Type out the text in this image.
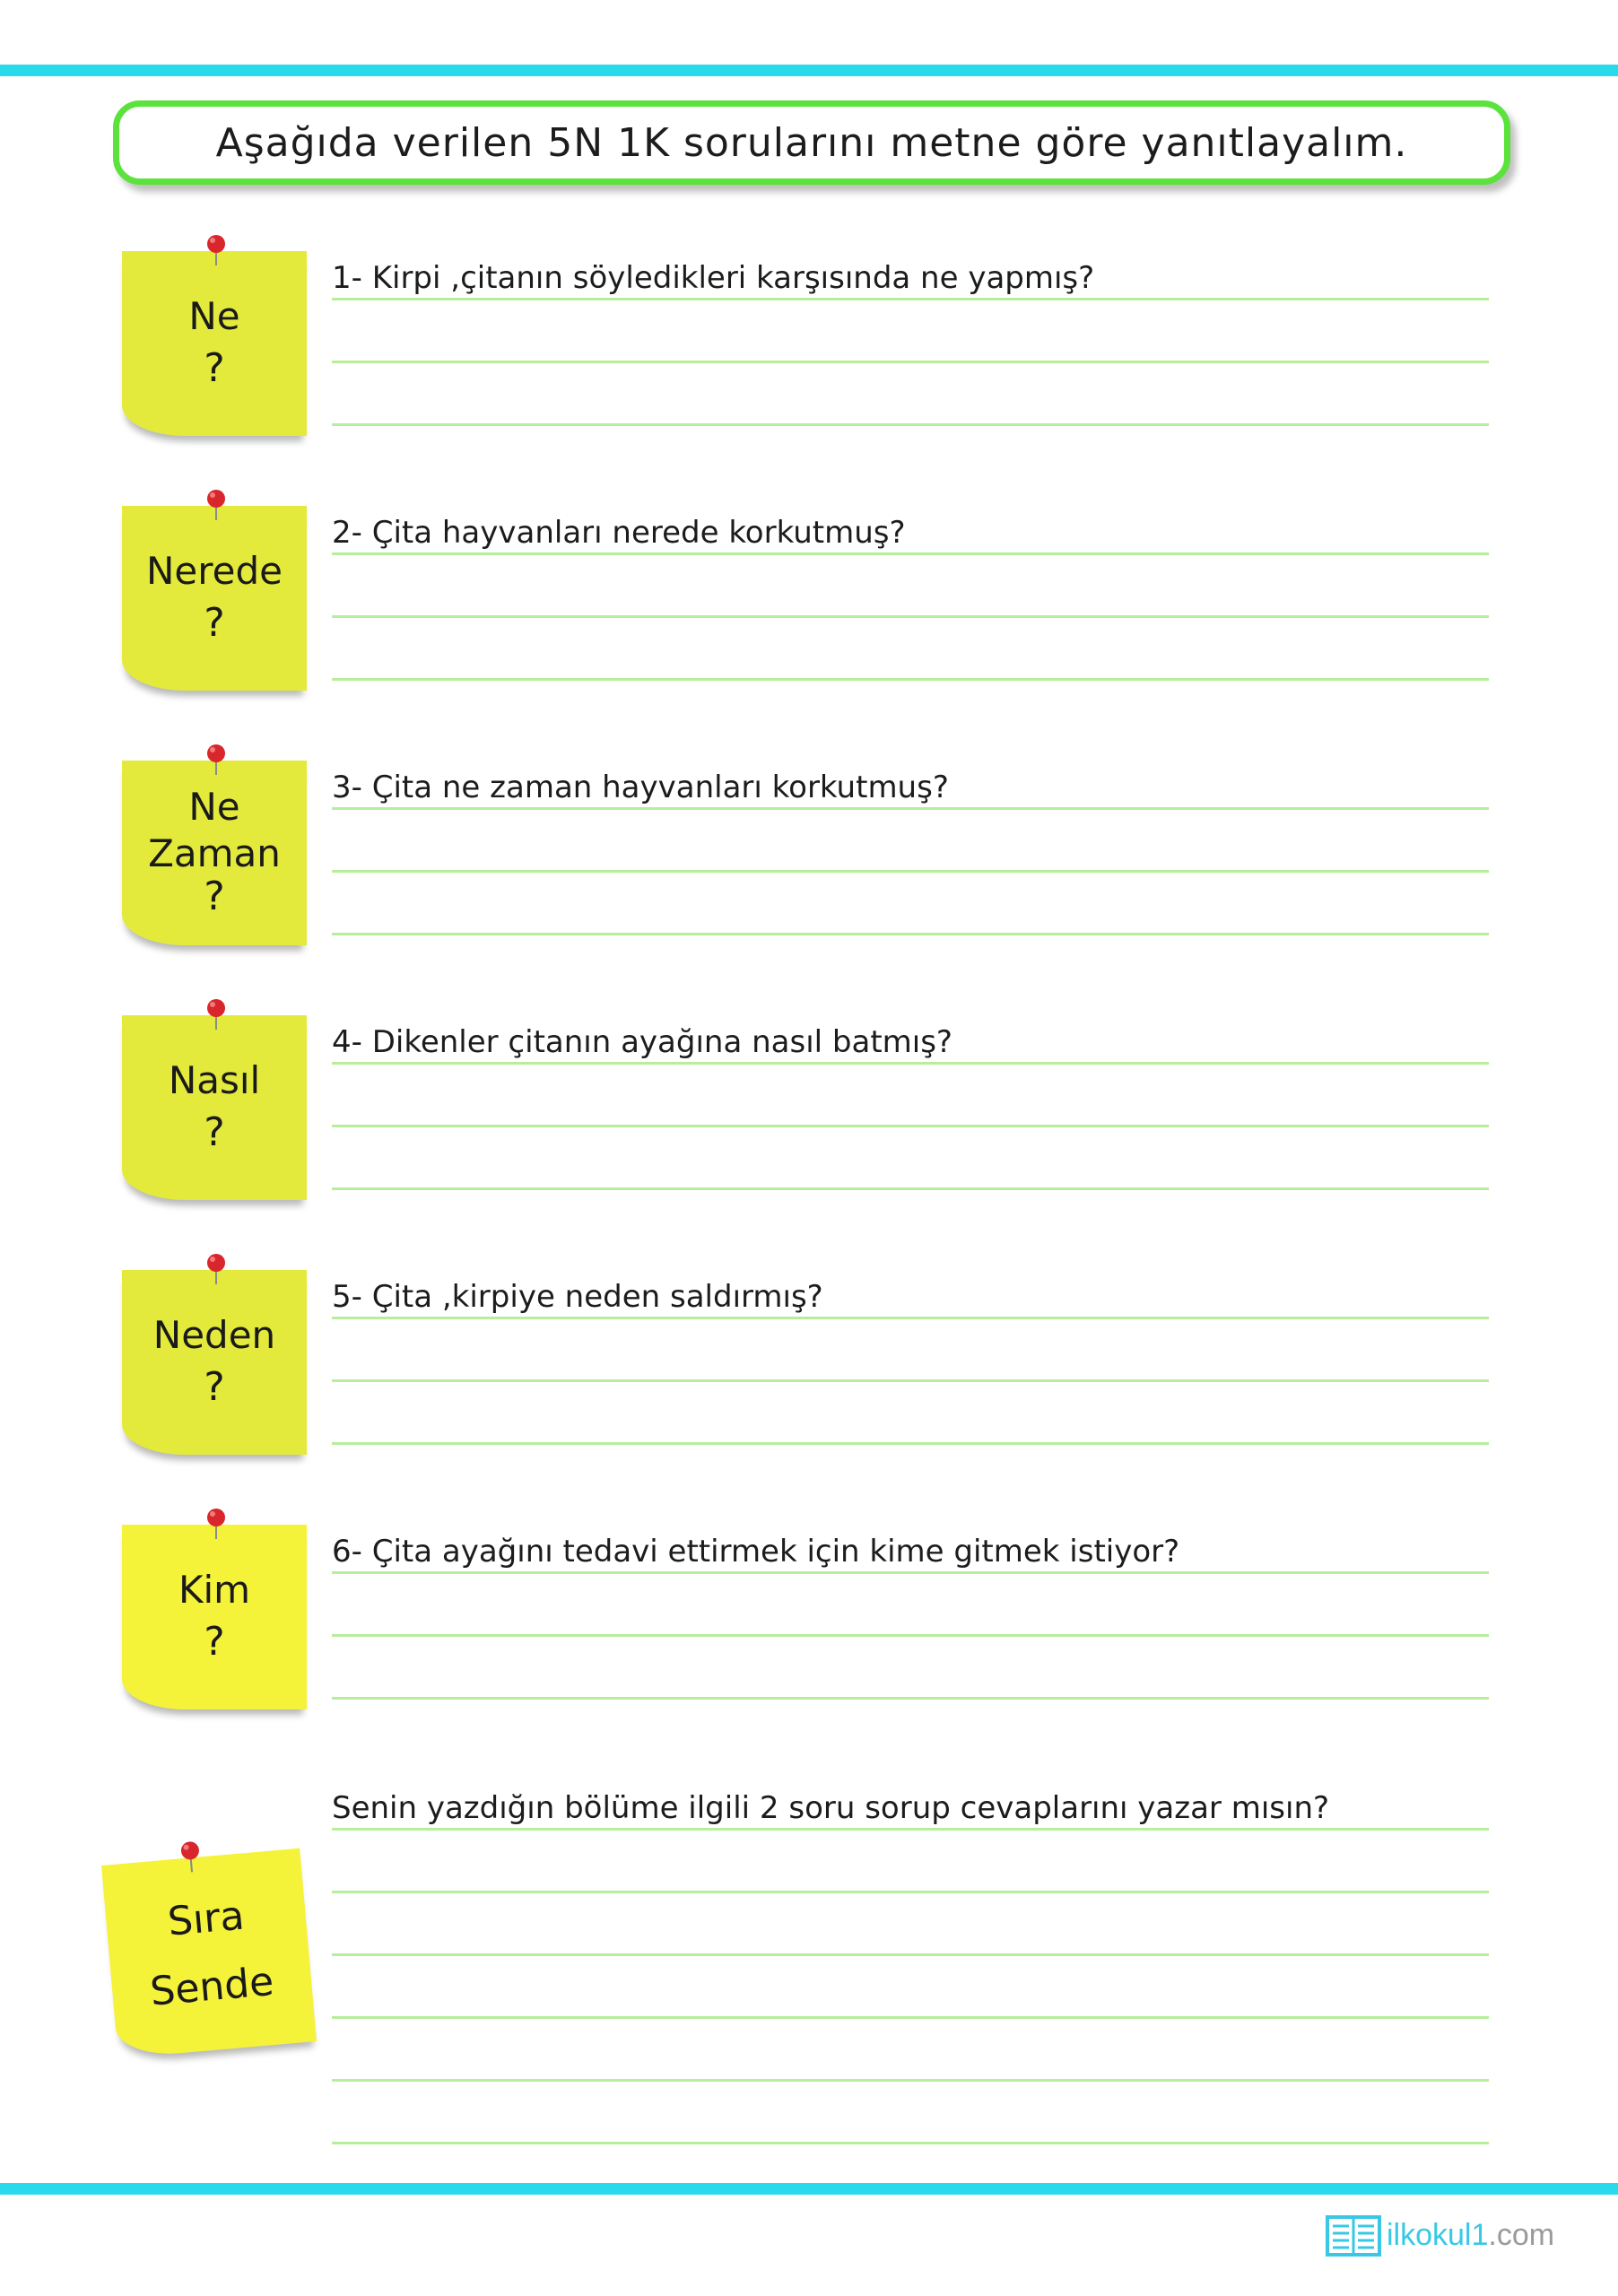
Aşağıda verilen 5N 1K sorularını metne göre yanıtlayalım.
Ne
?
1- Kirpi ,çitanın söyledikleri karşısında ne yapmış?
Nerede
?
2- Çita hayvanları nerede korkutmuş?
Ne Zaman
?
3- Çita ne zaman hayvanları korkutmuş?
Nasıl
?
4- Dikenler çitanın ayağına nasıl batmış?
Neden
?
5- Çita ,kirpiye neden saldırmış?
Kim
?
6- Çita ayağını tedavi ettirmek için kime gitmek istiyor?
Sıra
Sende
Senin yazdığın bölüme ilgili 2 soru sorup cevaplarını yazar mısın?
ilkokul1.com
